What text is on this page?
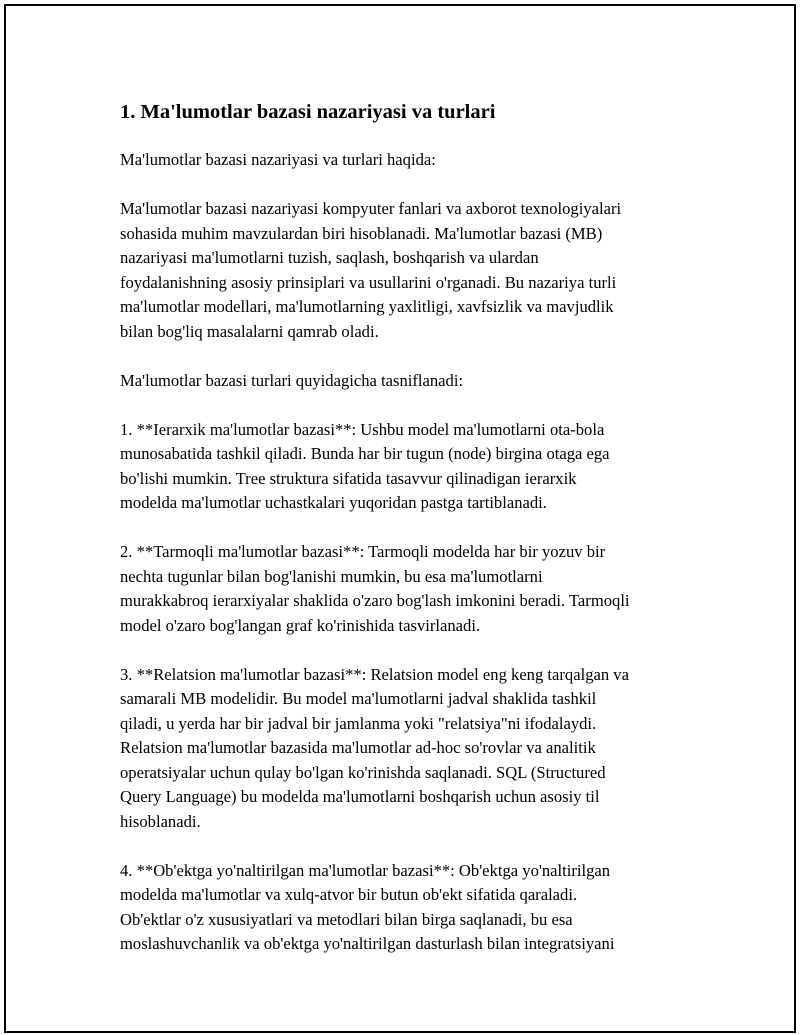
1. Ma'lumotlar bazasi nazariyasi va turlari

Ma'lumotlar bazasi nazariyasi va turlari haqida:

Ma'lumotlar bazasi nazariyasi kompyuter fanlari va axborot texnologiyalari
sohasida muhim mavzulardan biri hisoblanadi. Ma'lumotlar bazasi (MB)
nazariyasi ma'lumotlarni tuzish, saqlash, boshqarish va ulardan
foydalanishning asosiy prinsiplari va usullarini o'rganadi. Bu nazariya turli
ma'lumotlar modellari, ma'lumotlarning yaxlitligi, xavfsizlik va mavjudlik
bilan bog'liq masalalarni qamrab oladi.

Ma'lumotlar bazasi turlari quyidagicha tasniflanadi:

1. **Ierarxik ma'lumotlar bazasi**: Ushbu model ma'lumotlarni ota-bola
munosabatida tashkil qiladi. Bunda har bir tugun (node) birgina otaga ega
bo'lishi mumkin. Tree struktura sifatida tasavvur qilinadigan ierarxik
modelda ma'lumotlar uchastkalari yuqoridan pastga tartiblanadi.

2. **Tarmoqli ma'lumotlar bazasi**: Tarmoqli modelda har bir yozuv bir
nechta tugunlar bilan bog'lanishi mumkin, bu esa ma'lumotlarni
murakkabroq ierarxiyalar shaklida o'zaro bog'lash imkonini beradi. Tarmoqli
model o'zaro bog'langan graf ko'rinishida tasvirlanadi.

3. **Relatsion ma'lumotlar bazasi**: Relatsion model eng keng tarqalgan va
samarali MB modelidir. Bu model ma'lumotlarni jadval shaklida tashkil
qiladi, u yerda har bir jadval bir jamlanma yoki "relatsiya"ni ifodalaydi.
Relatsion ma'lumotlar bazasida ma'lumotlar ad-hoc so'rovlar va analitik
operatsiyalar uchun qulay bo'lgan ko'rinishda saqlanadi. SQL (Structured
Query Language) bu modelda ma'lumotlarni boshqarish uchun asosiy til
hisoblanadi.

4. **Ob'ektga yo'naltirilgan ma'lumotlar bazasi**: Ob'ektga yo'naltirilgan
modelda ma'lumotlar va xulq-atvor bir butun ob'ekt sifatida qaraladi.
Ob'ektlar o'z xususiyatlari va metodlari bilan birga saqlanadi, bu esa
moslashuvchanlik va ob'ektga yo'naltirilgan dasturlash bilan integratsiyani
